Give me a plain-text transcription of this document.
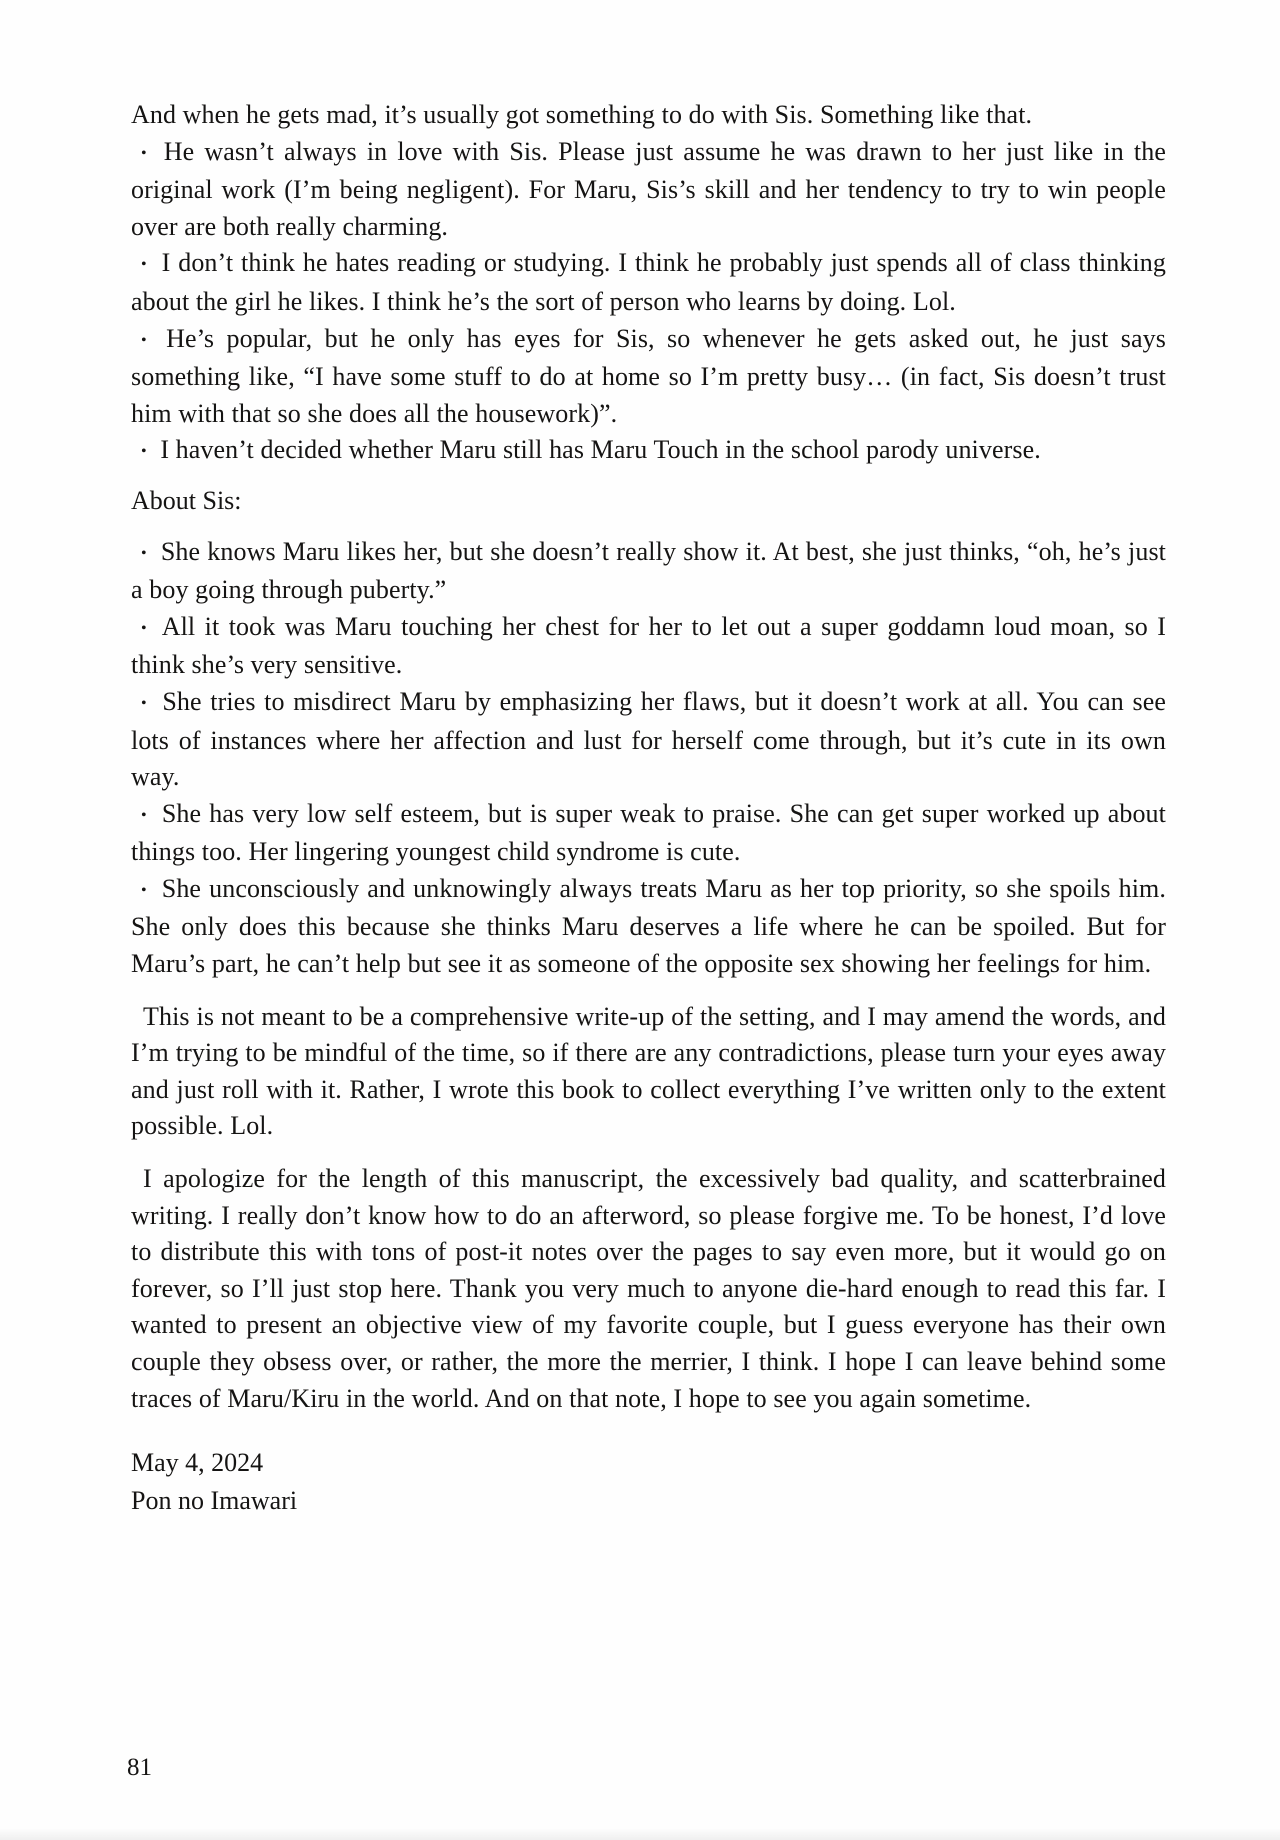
And when he gets mad, it’s usually got something to do with Sis. Something like that.

• He wasn’t always in love with Sis. Please just assume he was drawn to her just like in the original work (I’m being negligent). For Maru, Sis’s skill and her tendency to try to win people over are both really charming.

• I don’t think he hates reading or studying. I think he probably just spends all of class thinking about the girl he likes. I think he’s the sort of person who learns by doing. Lol.

• He’s popular, but he only has eyes for Sis, so whenever he gets asked out, he just says something like, “I have some stuff to do at home so I’m pretty busy… (in fact, Sis doesn’t trust him with that so she does all the housework)”.

• I haven’t decided whether Maru still has Maru Touch in the school parody universe.

About Sis:

• She knows Maru likes her, but she doesn’t really show it. At best, she just thinks, “oh, he’s just a boy going through puberty.”

• All it took was Maru touching her chest for her to let out a super goddamn loud moan, so I think she’s very sensitive.

• She tries to misdirect Maru by emphasizing her flaws, but it doesn’t work at all. You can see lots of instances where her affection and lust for herself come through, but it’s cute in its own way.

• She has very low self esteem, but is super weak to praise. She can get super worked up about things too. Her lingering youngest child syndrome is cute.

• She unconsciously and unknowingly always treats Maru as her top priority, so she spoils him. She only does this because she thinks Maru deserves a life where he can be spoiled. But for Maru’s part, he can’t help but see it as someone of the opposite sex showing her feelings for him.

This is not meant to be a comprehensive write-up of the setting, and I may amend the words, and I’m trying to be mindful of the time, so if there are any contradictions, please turn your eyes away and just roll with it. Rather, I wrote this book to collect everything I’ve written only to the extent possible. Lol.

I apologize for the length of this manuscript, the excessively bad quality, and scatterbrained writing. I really don’t know how to do an afterword, so please forgive me. To be honest, I’d love to distribute this with tons of post-it notes over the pages to say even more, but it would go on forever, so I’ll just stop here. Thank you very much to anyone die-hard enough to read this far. I wanted to present an objective view of my favorite couple, but I guess everyone has their own couple they obsess over, or rather, the more the merrier, I think. I hope I can leave behind some traces of Maru/Kiru in the world. And on that note, I hope to see you again sometime.

May 4, 2024

Pon no Imawari

81
